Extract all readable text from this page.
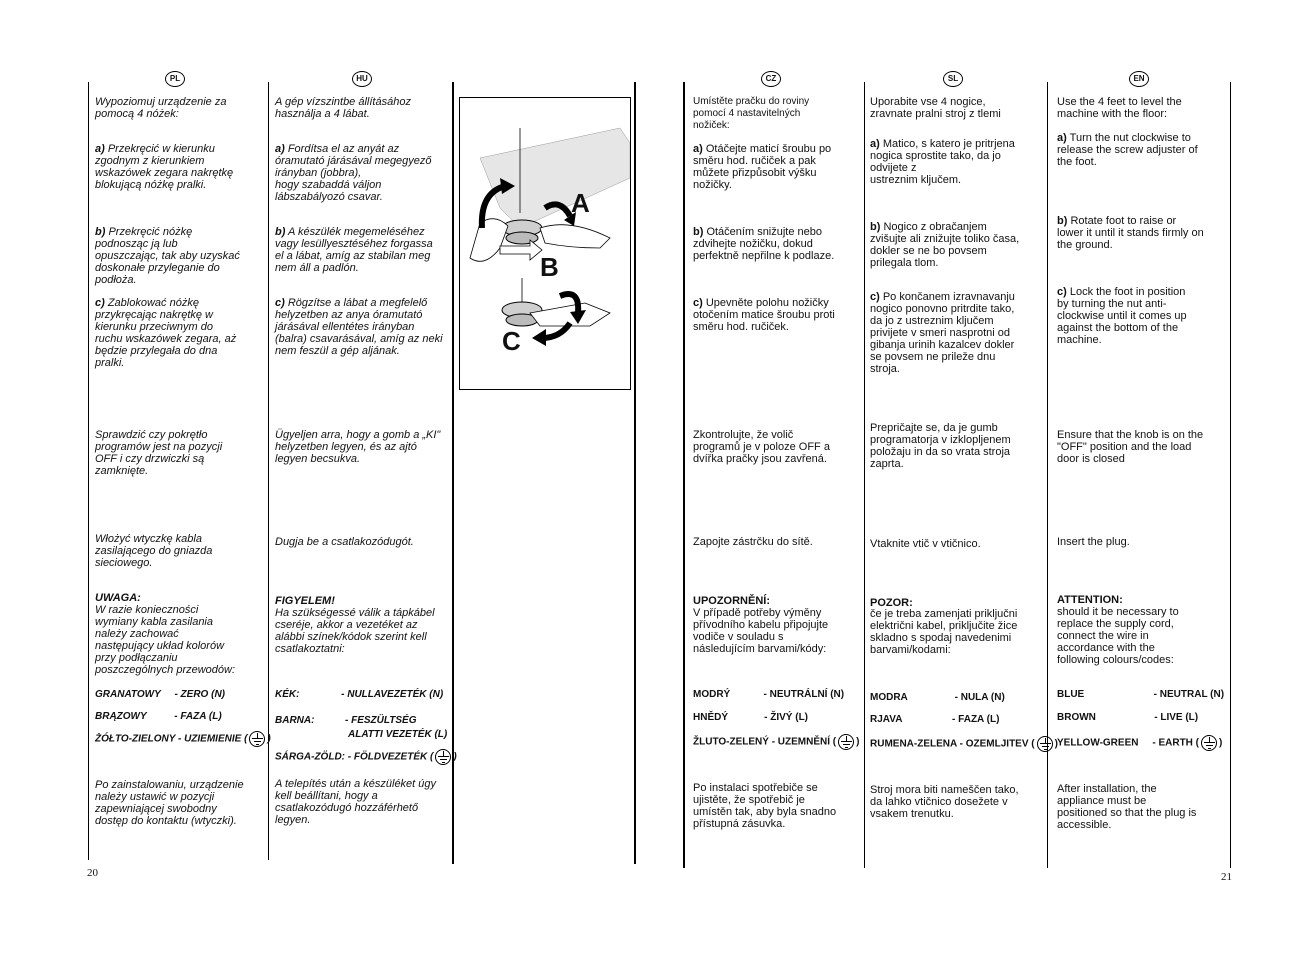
PL	HU	CZ	SL	EN
Wypoziomuj urządzenie za
pomocą 4 nóżek:
a) Przekręcić w kierunku
zgodnym z kierunkiem
wskazówek zegara nakrętkę
blokującą nóżkę pralki.
b) Przekręcić nóżkę
podnosząc ją lub
opuszczając, tak aby uzyskać
doskonałe przyleganie do
podłoża.
c) Zablokować nóżkę
przykręcając nakrętkę w
kierunku przeciwnym do
ruchu wskazówek zegara, aż
będzie przylegała do dna
pralki.
Sprawdzić czy pokrętło
programów jest na pozycji
OFF i czy drzwiczki są
zamknięte.
Włożyć wtyczkę kabla
zasilającego do gniazda
sieciowego.
UWAGA:
W razie konieczności
wymiany kabla zasilania
należy zachować
następujący układ kolorów
przy podłączaniu
poszczególnych przewodów:
GRANATOWY     - ZERO (N)
BRĄZOWY          - FAZA (L)
ŻÓŁTO-ZIELONY - UZIEMIENIE ( )
Po zainstalowaniu, urządzenie
należy ustawić w pozycji
zapewniającej swobodny
dostęp do kontaktu (wtyczki).
A gép vízszintbe állításához
használja a 4 lábat.
a) Fordítsa el az anyát az
óramutató járásával megegyező
irányban (jobbra),
hogy szabaddá váljon
lábszabályozó csavar.
b) A készülék megemeléséhez
vagy lesüllyesztéséhez forgassa
el a lábat, amíg az stabilan meg
nem áll a padlón.
c) Rögzítse a lábat a megfelelő
helyzetben az anya óramutató
járásával ellentétes irányban
(balra) csavarásával, amíg az neki
nem feszül a gép aljának.
Ügyeljen arra, hogy a gomb a „KI"
helyzetben legyen, és az ajtó
legyen becsukva.
Dugja be a csatlakozódugót.
FIGYELEM!
Ha szükségessé válik a tápkábel
cseréje, akkor a vezetéket az
alábbi színek/kódok szerint kell
csatlakoztatni:
KÉK:               - NULLAVEZETÉK (N)
BARNA:           - FESZÜLTSÉG
ALATTI VEZETÉK (L)
SÁRGA-ZÖLD: - FÖLDVEZETÉK ( )
A telepítés után a készüléket úgy
kell beállítani, hogy a
csatlakozódugó hozzáférhető
legyen.
A
B
C
Umístěte pračku do roviny
pomocí 4 nastavitelných
nožiček:
a) Otáčejte maticí šroubu po
směru hod. ručiček a pak
můžete přizpůsobit výšku
nožičky.
b) Otáčením snižujte nebo
zdvihejte nožičku, dokud
perfektně nepřilne k podlaze.
c) Upevněte polohu nožičky
otočením matice šroubu proti
směru hod. ručiček.
Zkontrolujte, že volič
programů je v poloze OFF a
dvířka pračky jsou zavřená.
Zapojte zástrčku do sítě.
UPOZORNĚNÍ:
V případě potřeby výměny
přívodního kabelu připojujte
vodiče v souladu s
následujícím barvami/kódy:
MODRÝ            - NEUTRÁLNÍ (N)
HNĚDÝ             - ŽIVÝ (L)
ŽLUTO-ZELENÝ - UZEMNĚNÍ ( )
Po instalaci spotřebiče se
ujistěte, že spotřebič je
umístěn tak, aby byla snadno
přístupná zásuvka.
Uporabite vse 4 nogice,
zravnate pralni stroj z tlemi
a) Matico, s katero je pritrjena
nogica sprostite tako, da jo
odvijete z
ustreznim ključem.
b) Nogico z obračanjem
zvišujte ali znižujte toliko časa,
dokler se ne bo povsem
prilegala tlom.
c) Po končanem izravnavanju
nogico ponovno pritrdite tako,
da jo z ustreznim ključem
privijete v smeri nasprotni od
gibanja urinih kazalcev dokler
se povsem ne prileže dnu
stroja.
Prepričajte se, da je gumb
programatorja v izklopljenem
položaju in da so vrata stroja
zaprta.
Vtaknite vtič v vtičnico.
POZOR:
če je treba zamenjati priključni
električni kabel, priključite žice
skladno s spodaj navedenimi
barvami/kodami:
MODRA                 - NULA (N)
RJAVA                  - FAZA (L)
RUMENA-ZELENA - OZEMLJITEV ( )
Stroj mora biti nameščen tako,
da lahko vtičnico dosežete v
vsakem trenutku.
Use the 4 feet to level the
machine with the floor:
a) Turn the nut clockwise to
release the screw adjuster of
the foot.
b) Rotate foot to raise or
lower it until it stands firmly on
the ground.
c) Lock the foot in position
by turning the nut anti-
clockwise until it comes up
against the bottom of the
machine.
Ensure that the knob is on the
"OFF" position and the load
door is closed
Insert the plug.
ATTENTION:
should it be necessary to
replace the supply cord,
connect the wire in
accordance with the
following colours/codes:
BLUE                         - NEUTRAL (N)
BROWN                     - LIVE (L)
YELLOW-GREEN     - EARTH ( )
After installation, the
appliance must be
positioned so that the plug is
accessible.
20	21
